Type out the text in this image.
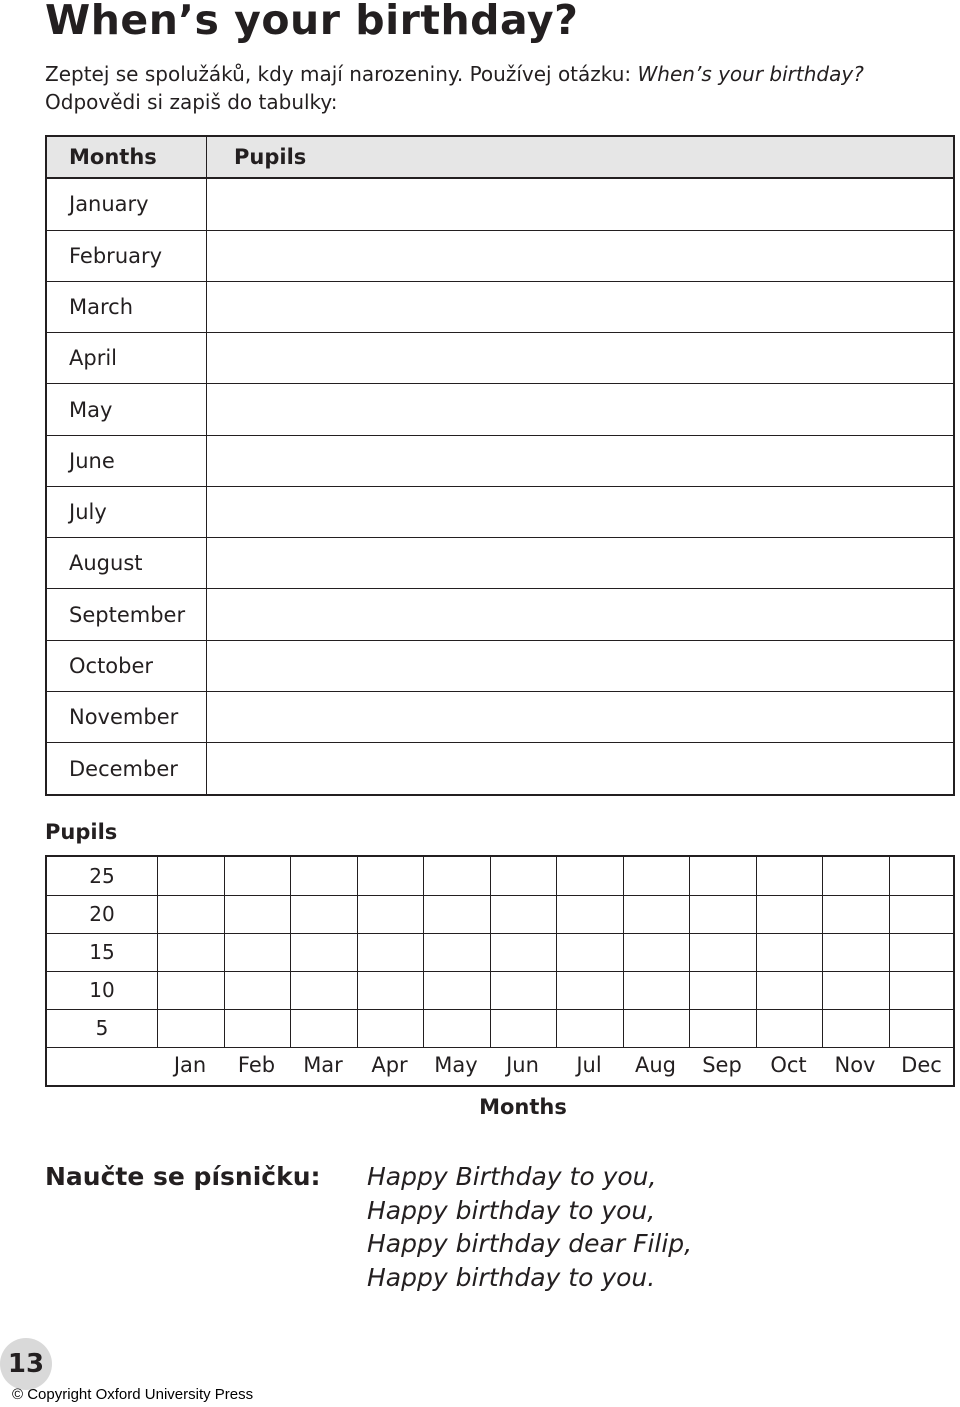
When’s your birthday?

Zeptej se spolužáků, kdy mají narozeniny. Používej otázku: When’s your birthday?

Odpovědi si zapiš do tabulky:

Months	Pupils
January	
February	
March	
April	
May	
June	
July	
August	
September	
October	
November	
December	
Pupils
25
20
15
10
5
Jan	Feb	Mar	Apr	May	Jun	Jul	Aug	Sep	Oct	Nov	Dec
Months
Naučte se písničku: Happy Birthday to you,
Happy birthday to you,
Happy birthday dear Filip,
Happy birthday to you.
13
© Copyright Oxford University Press
